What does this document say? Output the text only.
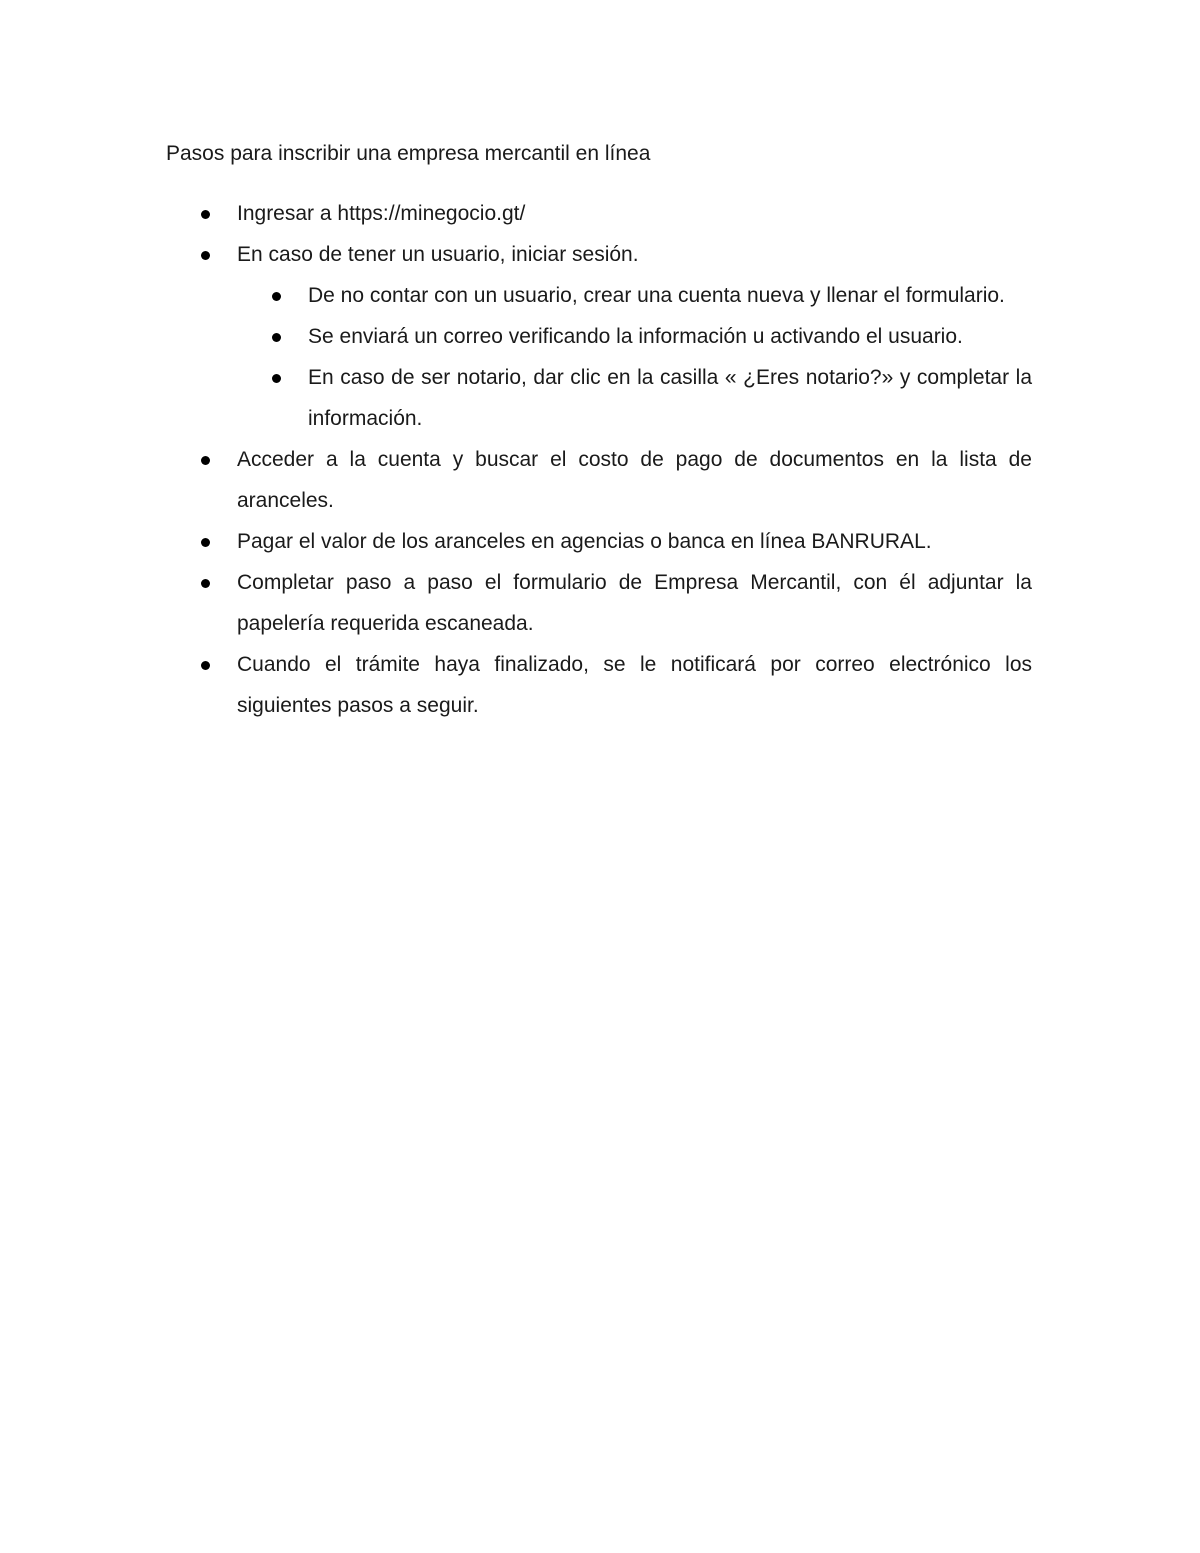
Pasos para inscribir una empresa mercantil en línea
Ingresar a https://minegocio.gt/
En caso de tener un usuario, iniciar sesión.
De no contar con un usuario, crear una cuenta nueva y llenar el formulario.
Se enviará un correo verificando la información u activando el usuario.
En caso de ser notario, dar clic en la casilla « ¿Eres notario?» y completar la información.
Acceder a la cuenta y buscar el costo de pago de documentos en la lista de aranceles.
Pagar el valor de los aranceles en agencias o banca en línea BANRURAL.
Completar paso a paso el formulario de Empresa Mercantil, con él adjuntar la papelería requerida escaneada.
Cuando el trámite haya finalizado, se le notificará por correo electrónico los siguientes pasos a seguir.
